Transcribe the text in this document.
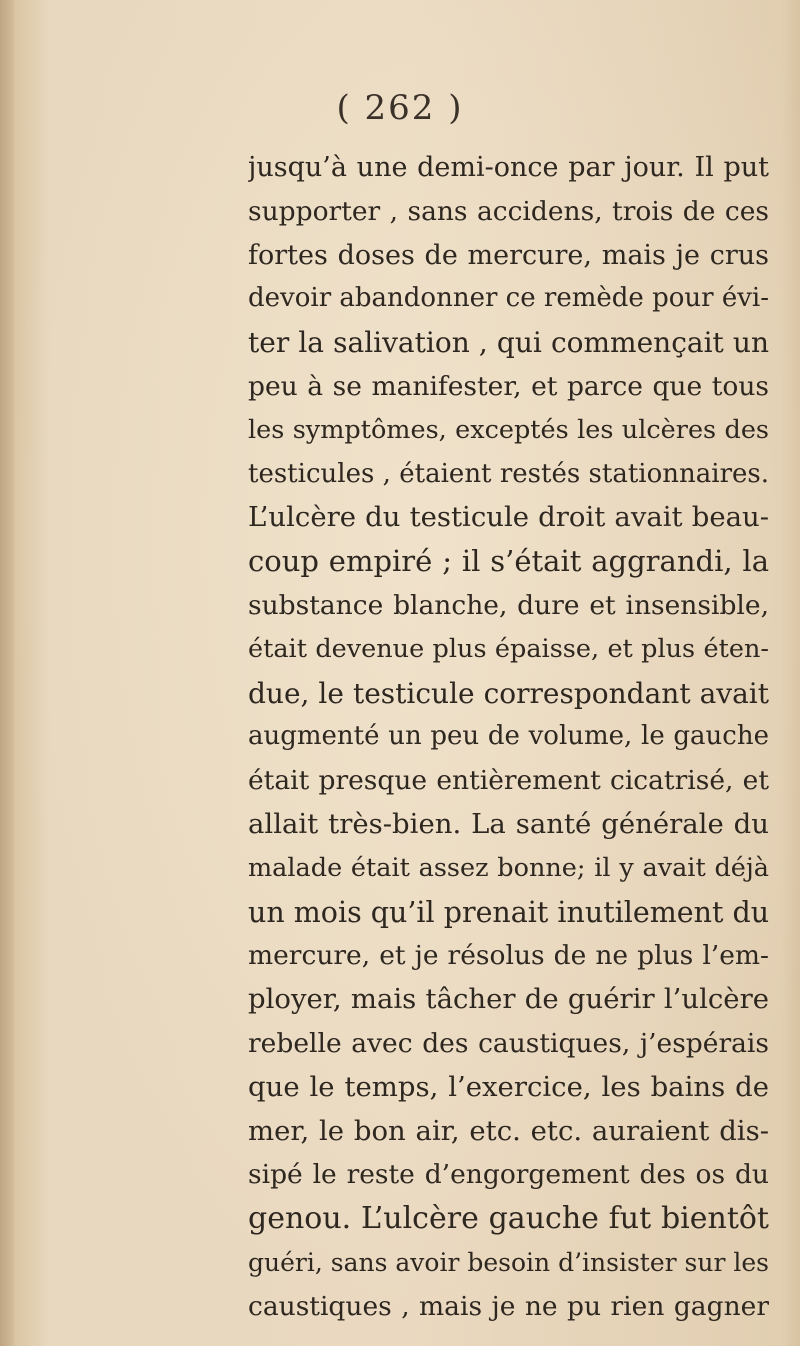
( 262 )
jusqu’à une demi-once par jour. Il put
supporter , sans accidens, trois de ces
fortes doses de mercure, mais je crus
devoir abandonner ce remède pour évi-
ter la salivation , qui commençait un
peu à se manifester, et parce que tous
les symptômes, exceptés les ulcères des
testicules , étaient restés stationnaires.
L’ulcère du testicule droit avait beau-
coup empiré ; il s’était aggrandi, la
substance blanche, dure et insensible,
était devenue plus épaisse, et plus éten-
due, le testicule correspondant avait
augmenté un peu de volume, le gauche
était presque entièrement cicatrisé, et
allait très-bien. La santé générale du
malade était assez bonne; il y avait déjà
un mois qu’il prenait inutilement du
mercure, et je résolus de ne plus l’em-
ployer, mais tâcher de guérir l’ulcère
rebelle avec des caustiques, j’espérais
que le temps, l’exercice, les bains de
mer, le bon air, etc. etc. auraient dis-
sipé le reste d’engorgement des os du
genou. L’ulcère gauche fut bientôt
guéri, sans avoir besoin d’insister sur les
caustiques , mais je ne pu rien gagner
